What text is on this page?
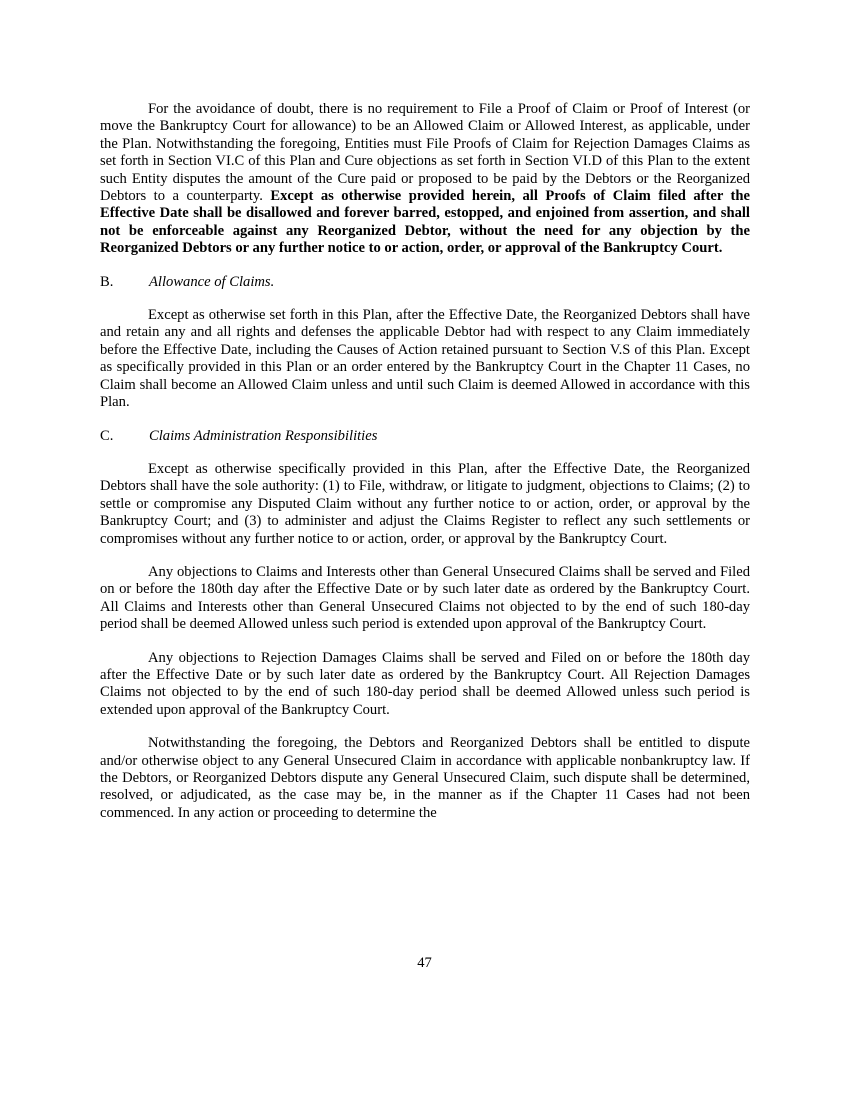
For the avoidance of doubt, there is no requirement to File a Proof of Claim or Proof of Interest (or move the Bankruptcy Court for allowance) to be an Allowed Claim or Allowed Interest, as applicable, under the Plan. Notwithstanding the foregoing, Entities must File Proofs of Claim for Rejection Damages Claims as set forth in Section VI.C of this Plan and Cure objections as set forth in Section VI.D of this Plan to the extent such Entity disputes the amount of the Cure paid or proposed to be paid by the Debtors or the Reorganized Debtors to a counterparty. Except as otherwise provided herein, all Proofs of Claim filed after the Effective Date shall be disallowed and forever barred, estopped, and enjoined from assertion, and shall not be enforceable against any Reorganized Debtor, without the need for any objection by the Reorganized Debtors or any further notice to or action, order, or approval of the Bankruptcy Court.

B.	Allowance of Claims.

Except as otherwise set forth in this Plan, after the Effective Date, the Reorganized Debtors shall have and retain any and all rights and defenses the applicable Debtor had with respect to any Claim immediately before the Effective Date, including the Causes of Action retained pursuant to Section V.S of this Plan. Except as specifically provided in this Plan or an order entered by the Bankruptcy Court in the Chapter 11 Cases, no Claim shall become an Allowed Claim unless and until such Claim is deemed Allowed in accordance with this Plan.

C.	Claims Administration Responsibilities

Except as otherwise specifically provided in this Plan, after the Effective Date, the Reorganized Debtors shall have the sole authority: (1) to File, withdraw, or litigate to judgment, objections to Claims; (2) to settle or compromise any Disputed Claim without any further notice to or action, order, or approval by the Bankruptcy Court; and (3) to administer and adjust the Claims Register to reflect any such settlements or compromises without any further notice to or action, order, or approval by the Bankruptcy Court.

Any objections to Claims and Interests other than General Unsecured Claims shall be served and Filed on or before the 180th day after the Effective Date or by such later date as ordered by the Bankruptcy Court. All Claims and Interests other than General Unsecured Claims not objected to by the end of such 180-day period shall be deemed Allowed unless such period is extended upon approval of the Bankruptcy Court.

Any objections to Rejection Damages Claims shall be served and Filed on or before the 180th day after the Effective Date or by such later date as ordered by the Bankruptcy Court. All Rejection Damages Claims not objected to by the end of such 180-day period shall be deemed Allowed unless such period is extended upon approval of the Bankruptcy Court.

Notwithstanding the foregoing, the Debtors and Reorganized Debtors shall be entitled to dispute and/or otherwise object to any General Unsecured Claim in accordance with applicable nonbankruptcy law. If the Debtors, or Reorganized Debtors dispute any General Unsecured Claim, such dispute shall be determined, resolved, or adjudicated, as the case may be, in the manner as if the Chapter 11 Cases had not been commenced. In any action or proceeding to determine the

47
